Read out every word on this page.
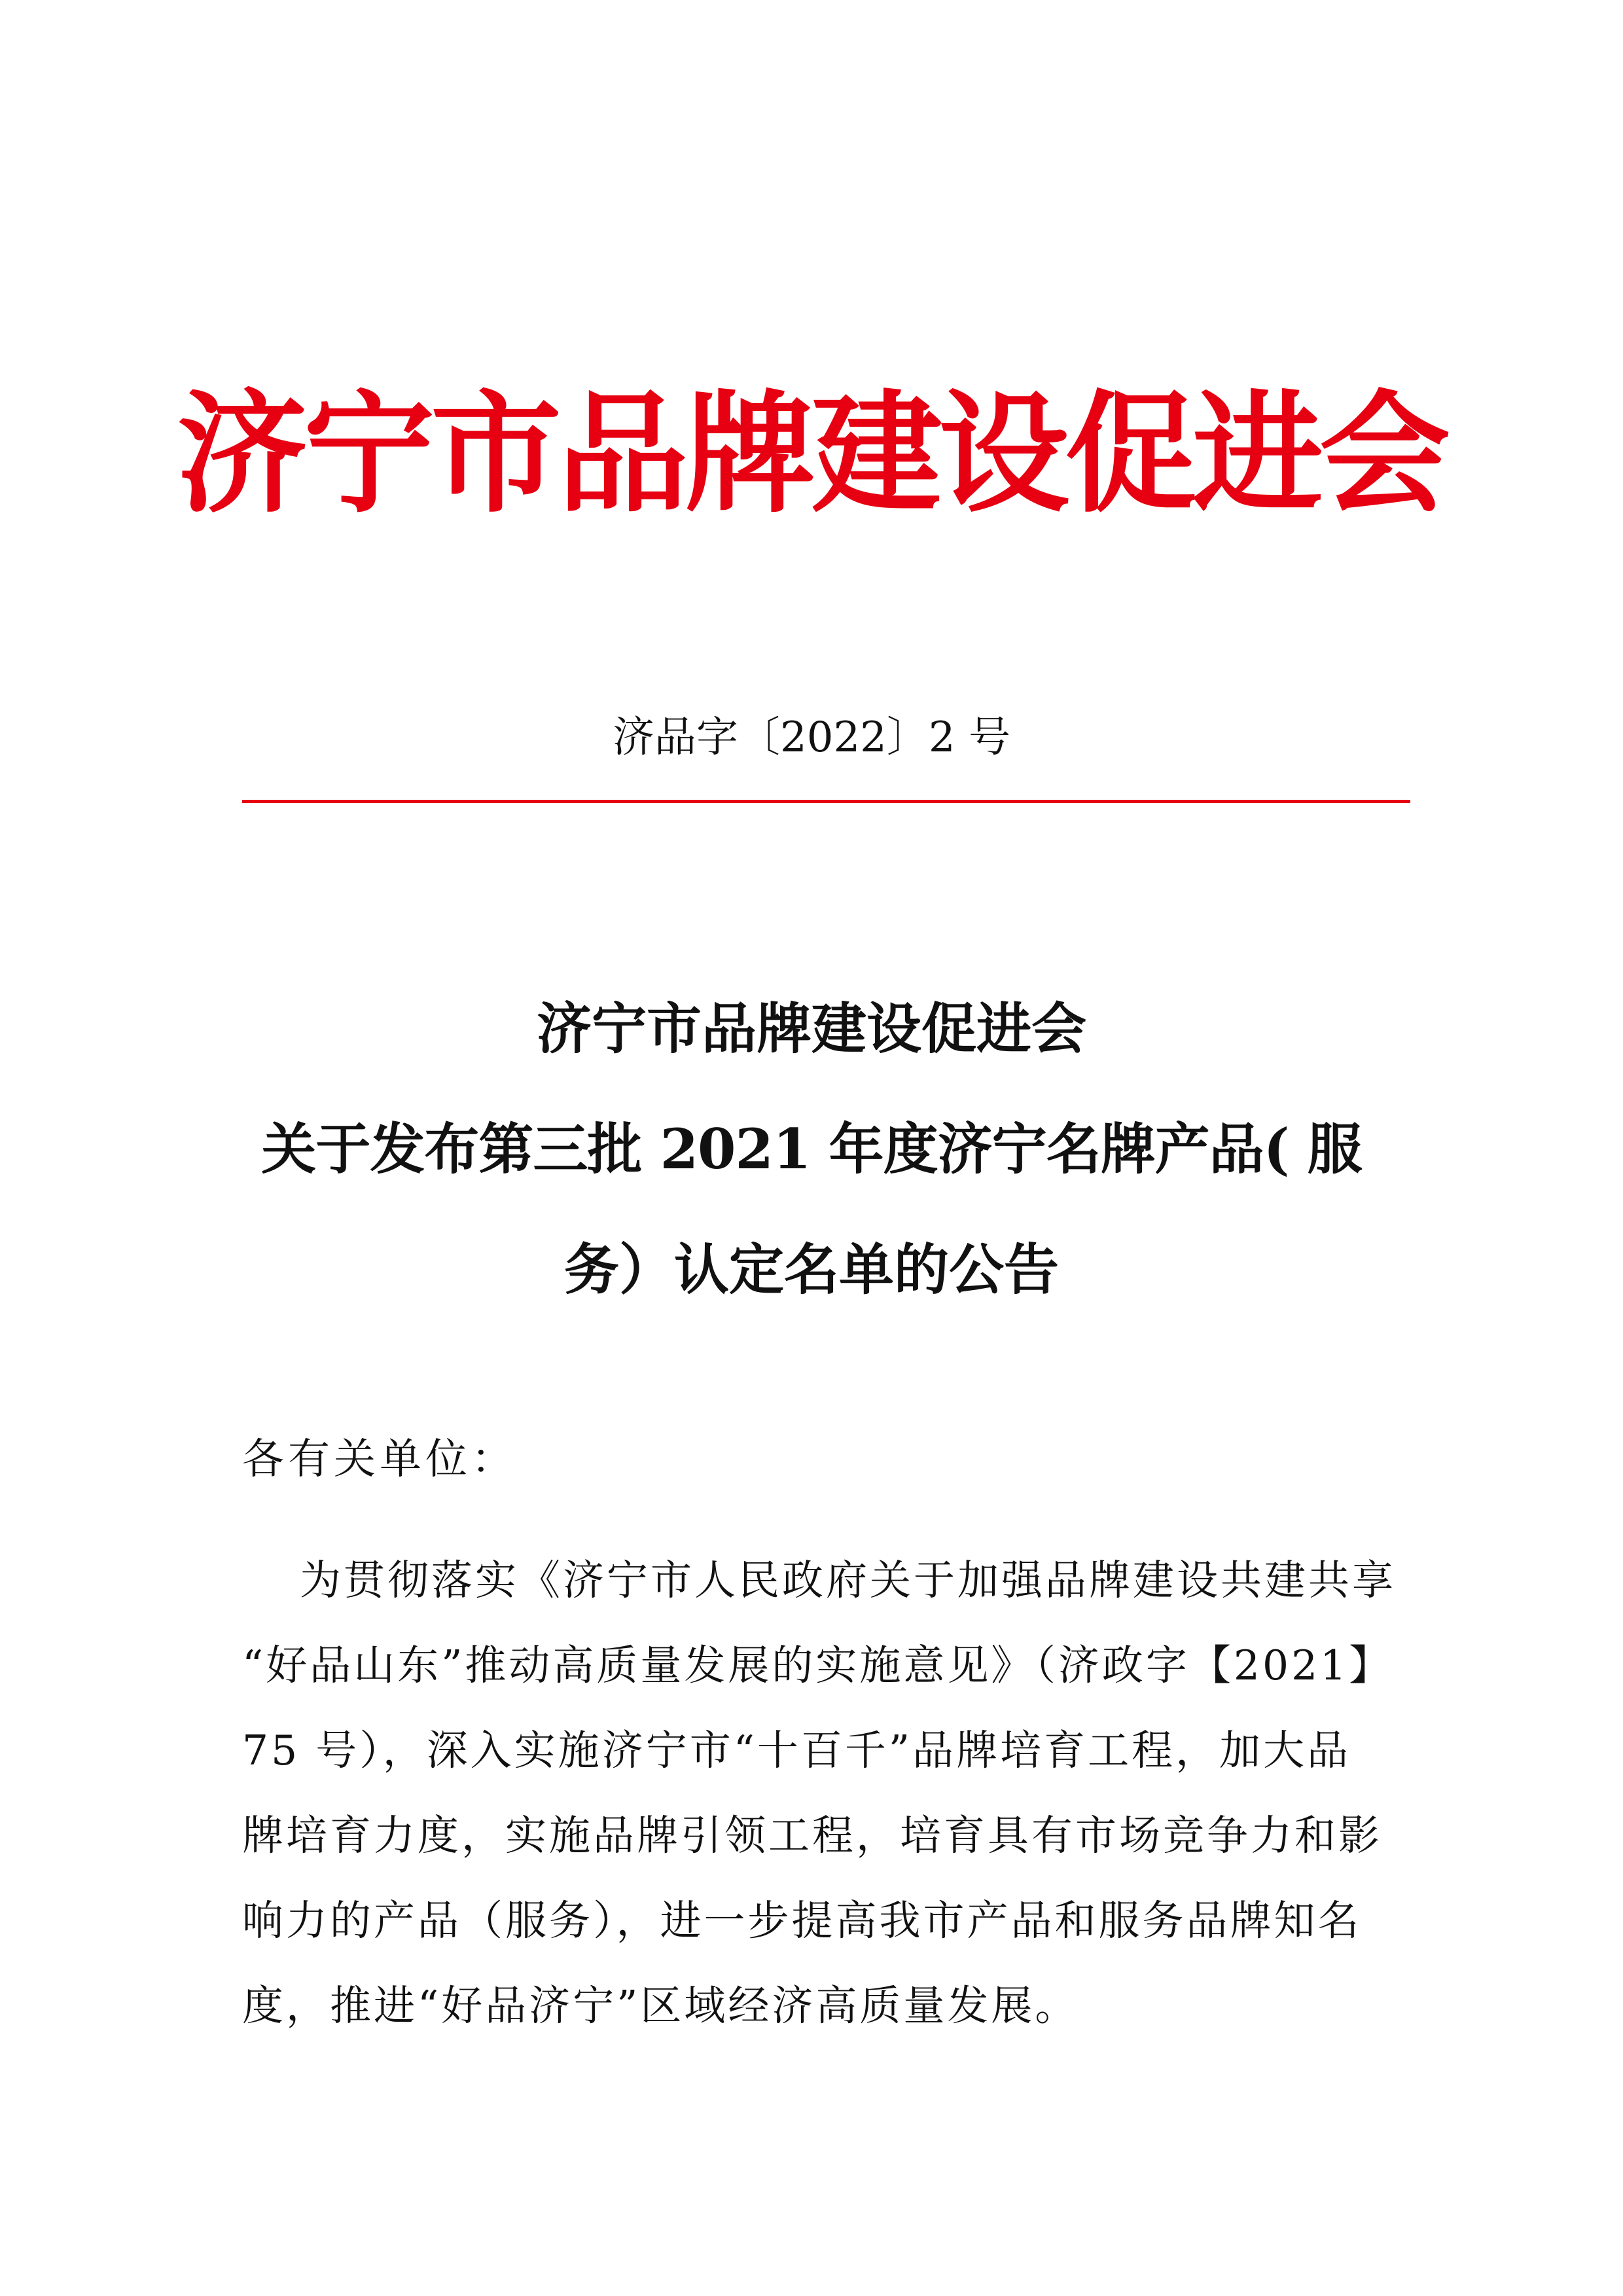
济宁市品牌建设促进会
济品字〔2022〕2 号
济宁市品牌建设促进会
关于发布第三批 2021 年度济宁名牌产品( 服
务）认定名单的公告
各有关单位：
为贯彻落实《济宁市人民政府关于加强品牌建设共建共享
“好品山东”推动高质量发展的实施意见》（济政字【2021】
75 号），深入实施济宁市“十百千”品牌培育工程，加大品
牌培育力度，实施品牌引领工程，培育具有市场竞争力和影
响力的产品（服务），进一步提高我市产品和服务品牌知名
度，推进“好品济宁”区域经济高质量发展。
